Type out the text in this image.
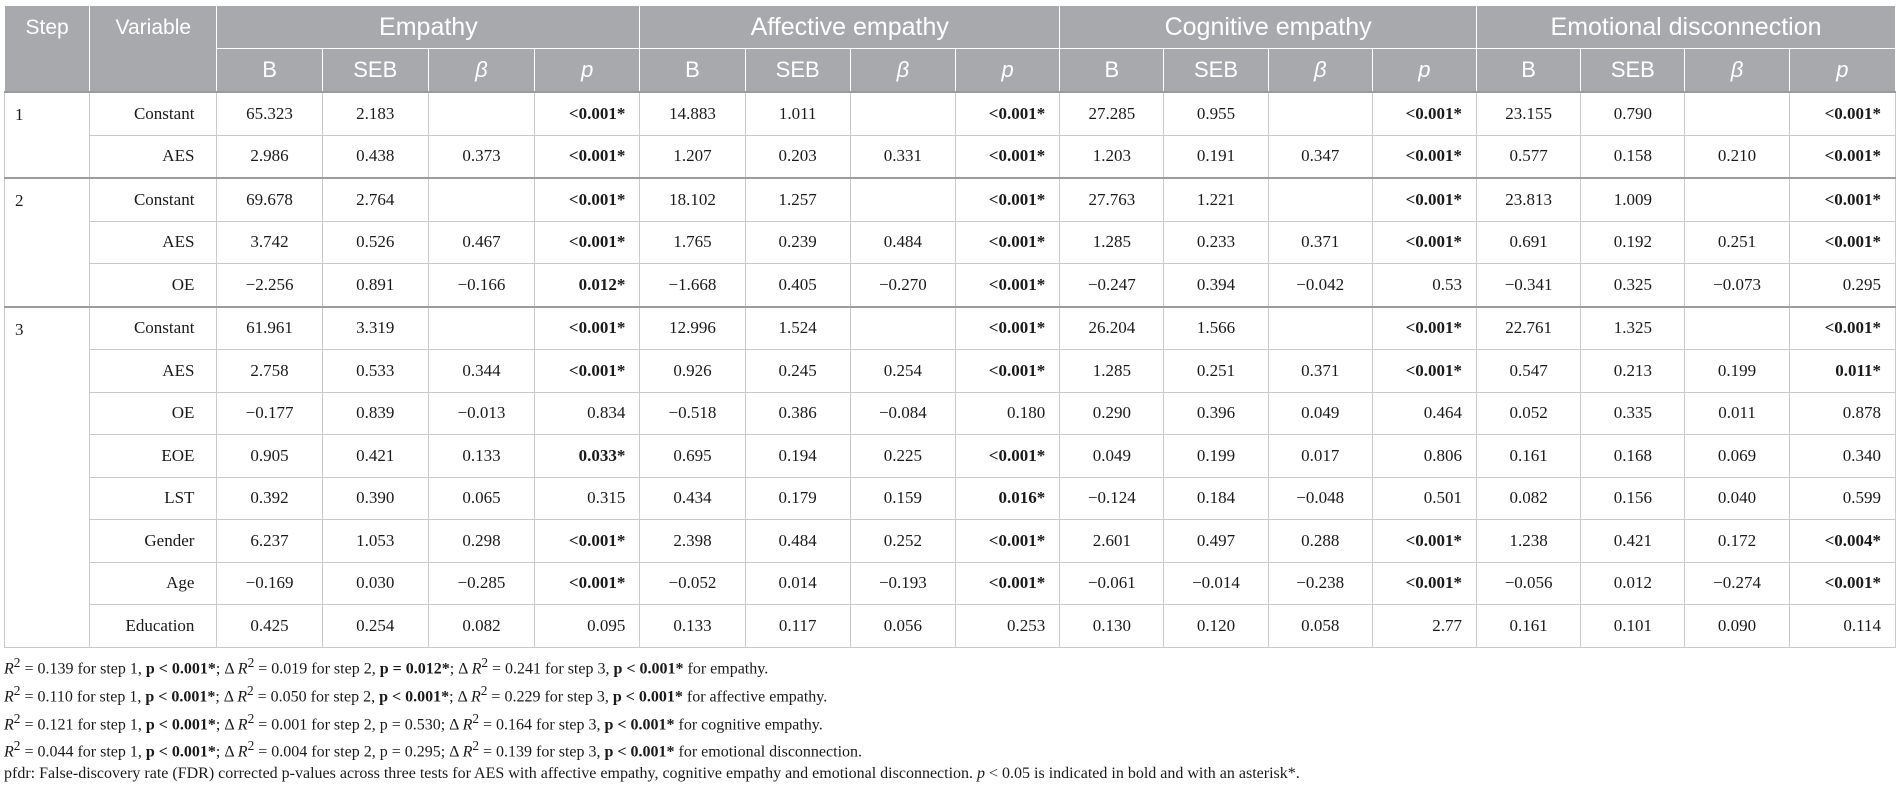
Step	Variable	Empathy				Affective empathy				Cognitive empathy				Emotional disconnection			
		B	SEB	β	p	B	SEB	β	p	B	SEB	β	p	B	SEB	β	p
1	Constant	65.323	2.183		<0.001*	14.883	1.011		<0.001*	27.285	0.955		<0.001*	23.155	0.790		<0.001*
	AES	2.986	0.438	0.373	<0.001*	1.207	0.203	0.331	<0.001*	1.203	0.191	0.347	<0.001*	0.577	0.158	0.210	<0.001*
2	Constant	69.678	2.764		<0.001*	18.102	1.257		<0.001*	27.763	1.221		<0.001*	23.813	1.009		<0.001*
	AES	3.742	0.526	0.467	<0.001*	1.765	0.239	0.484	<0.001*	1.285	0.233	0.371	<0.001*	0.691	0.192	0.251	<0.001*
	OE	−2.256	0.891	−0.166	0.012*	−1.668	0.405	−0.270	<0.001*	−0.247	0.394	−0.042	0.53	−0.341	0.325	−0.073	0.295
3	Constant	61.961	3.319		<0.001*	12.996	1.524		<0.001*	26.204	1.566		<0.001*	22.761	1.325		<0.001*
	AES	2.758	0.533	0.344	<0.001*	0.926	0.245	0.254	<0.001*	1.285	0.251	0.371	<0.001*	0.547	0.213	0.199	0.011*
	OE	−0.177	0.839	−0.013	0.834	−0.518	0.386	−0.084	0.180	0.290	0.396	0.049	0.464	0.052	0.335	0.011	0.878
	EOE	0.905	0.421	0.133	0.033*	0.695	0.194	0.225	<0.001*	0.049	0.199	0.017	0.806	0.161	0.168	0.069	0.340
	LST	0.392	0.390	0.065	0.315	0.434	0.179	0.159	0.016*	−0.124	0.184	−0.048	0.501	0.082	0.156	0.040	0.599
	Gender	6.237	1.053	0.298	<0.001*	2.398	0.484	0.252	<0.001*	2.601	0.497	0.288	<0.001*	1.238	0.421	0.172	<0.004*
	Age	−0.169	0.030	−0.285	<0.001*	−0.052	0.014	−0.193	<0.001*	−0.061	−0.014	−0.238	<0.001*	−0.056	0.012	−0.274	<0.001*
	Education	0.425	0.254	0.082	0.095	0.133	0.117	0.056	0.253	0.130	0.120	0.058	2.77	0.161	0.101	0.090	0.114
$R^2 = 0.139$ for step 1, p < 0.001*; Δ $R^2 = 0.019$ for step 2, p = 0.012*; Δ $R^2 = 0.241$ for step 3, p < 0.001* for empathy.
$R^2 = 0.110$ for step 1, p < 0.001*; Δ $R^2 = 0.050$ for step 2, p < 0.001*; Δ $R^2 = 0.229$ for step 3, p < 0.001* for affective empathy.
$R^2 = 0.121$ for step 1, p < 0.001*; Δ $R^2 = 0.001$ for step 2, p = 0.530; Δ $R^2 = 0.164$ for step 3, p < 0.001* for cognitive empathy.
$R^2 = 0.044$ for step 1, p < 0.001*; Δ $R^2 = 0.004$ for step 2, p = 0.295; Δ $R^2 = 0.139$ for step 3, p < 0.001* for emotional disconnection.
pfdr: False-discovery rate (FDR) corrected p-values across three tests for AES with affective empathy, cognitive empathy and emotional disconnection. p < 0.05 is indicated in bold and with an asterisk*.
